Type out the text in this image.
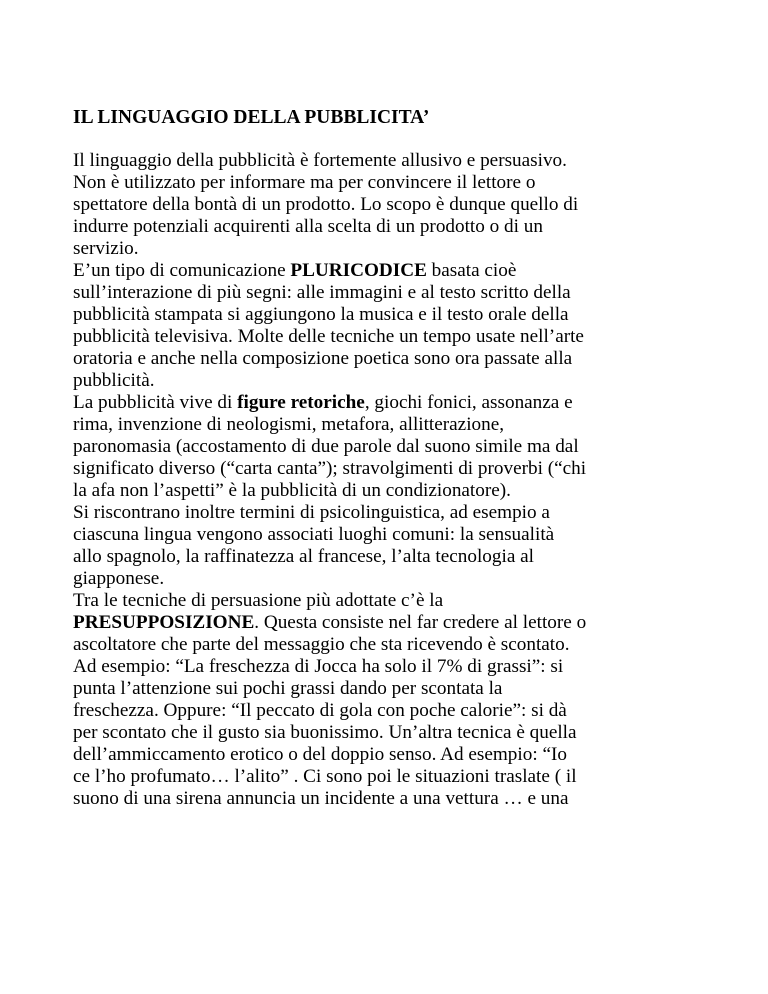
IL LINGUAGGIO DELLA PUBBLICITA’
Il linguaggio della pubblicità è fortemente allusivo e persuasivo.
Non è utilizzato per informare ma per convincere il lettore o
spettatore della bontà di un prodotto. Lo scopo è dunque quello di
indurre potenziali acquirenti alla scelta di un prodotto o di un
servizio.
E’un tipo di comunicazione PLURICODICE basata cioè
sull’interazione di più segni: alle immagini e al testo scritto della
pubblicità stampata si aggiungono la musica e il testo orale della
pubblicità televisiva. Molte delle tecniche un tempo usate nell’arte
oratoria e anche nella composizione poetica sono ora passate alla
pubblicità.
La pubblicità vive di figure retoriche, giochi fonici, assonanza e
rima, invenzione di neologismi, metafora, allitterazione,
paronomasia (accostamento di due parole dal suono simile ma dal
significato diverso (“carta canta”); stravolgimenti di proverbi (“chi
la afa non l’aspetti” è la pubblicità di un condizionatore).
Si riscontrano inoltre termini di psicolinguistica, ad esempio a
ciascuna lingua vengono associati luoghi comuni: la sensualità
allo spagnolo, la raffinatezza al francese, l’alta tecnologia al
giapponese.
Tra le tecniche di persuasione più adottate c’è la
PRESUPPOSIZIONE. Questa consiste nel far credere al lettore o
ascoltatore che parte del messaggio che sta ricevendo è scontato.
Ad esempio: “La freschezza di Jocca ha solo il 7% di grassi”: si
punta l’attenzione sui pochi grassi dando per scontata la
freschezza. Oppure: “Il peccato di gola con poche calorie”: si dà
per scontato che il gusto sia buonissimo. Un’altra tecnica è quella
dell’ammiccamento erotico o del doppio senso. Ad esempio: “Io
ce l’ho profumato… l’alito” . Ci sono poi le situazioni traslate ( il
suono di una sirena annuncia un incidente a una vettura … e una
